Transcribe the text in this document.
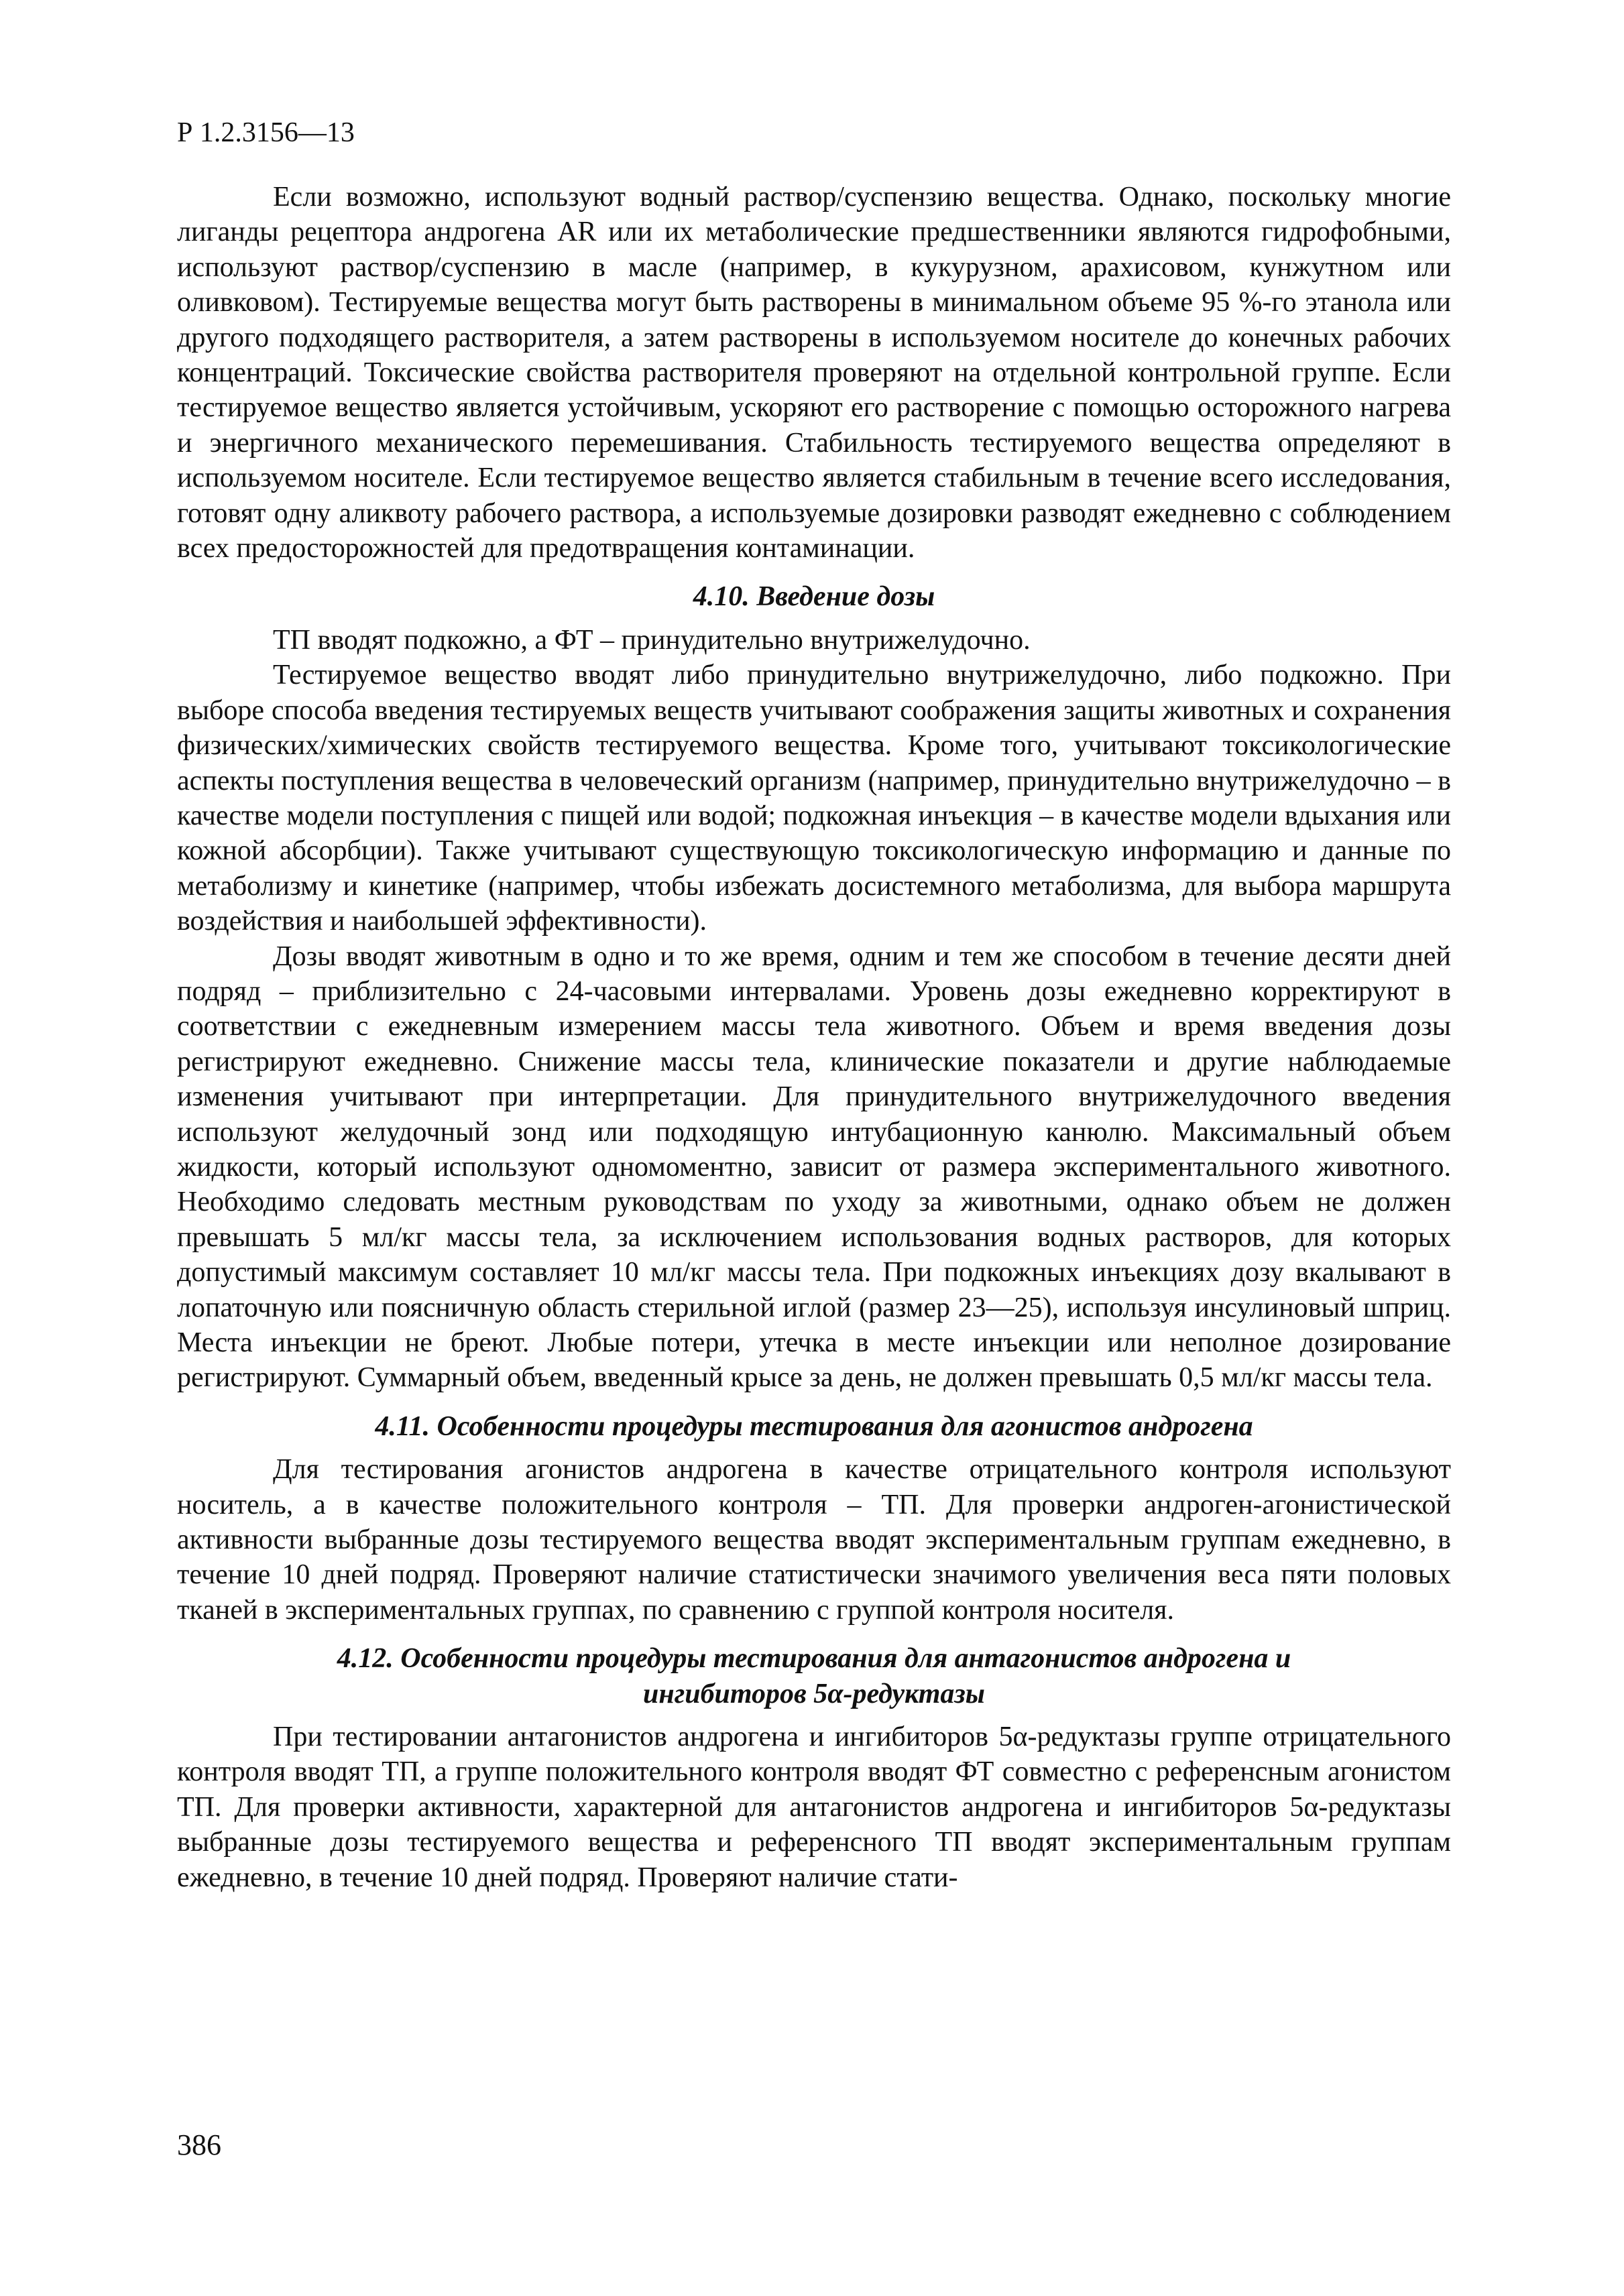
Р 1.2.3156—13

Если возможно, используют водный раствор/суспензию вещества. Однако, поскольку многие лиганды рецептора андрогена AR или их метаболические предшественники являются гидрофобными, используют раствор/суспензию в масле (например, в кукурузном, арахисовом, кунжутном или оливковом). Тестируемые вещества могут быть растворены в минимальном объеме 95 %-го этанола или другого подходящего растворителя, а затем растворены в используемом носителе до конечных рабочих концентраций. Токсические свойства растворителя проверяют на отдельной контрольной группе. Если тестируемое вещество является устойчивым, ускоряют его растворение с помощью осторожного нагрева и энергичного механического перемешивания. Стабильность тестируемого вещества определяют в используемом носителе. Если тестируемое вещество является стабильным в течение всего исследования, готовят одну аликвоту рабочего раствора, а используемые дозировки разводят ежедневно с соблюдением всех предосторожностей для предотвращения контаминации.

4.10. Введение дозы

ТП вводят подкожно, а ФТ – принудительно внутрижелудочно.

Тестируемое вещество вводят либо принудительно внутрижелудочно, либо подкожно. При выборе способа введения тестируемых веществ учитывают соображения защиты животных и сохранения физических/химических свойств тестируемого вещества. Кроме того, учитывают токсикологические аспекты поступления вещества в человеческий организм (например, принудительно внутрижелудочно – в качестве модели поступления с пищей или водой; подкожная инъекция – в качестве модели вдыхания или кожной абсорбции). Также учитывают существующую токсикологическую информацию и данные по метаболизму и кинетике (например, чтобы избежать досистемного метаболизма, для выбора маршрута воздействия и наибольшей эффективности).

Дозы вводят животным в одно и то же время, одним и тем же способом в течение десяти дней подряд – приблизительно с 24-часовыми интервалами. Уровень дозы ежедневно корректируют в соответствии с ежедневным измерением массы тела животного. Объем и время введения дозы регистрируют ежедневно. Снижение массы тела, клинические показатели и другие наблюдаемые изменения учитывают при интерпретации. Для принудительного внутрижелудочного введения используют желудочный зонд или подходящую интубационную канюлю. Максимальный объем жидкости, который используют одномоментно, зависит от размера экспериментального животного. Необходимо следовать местным руководствам по уходу за животными, однако объем не должен превышать 5 мл/кг массы тела, за исключением использования водных растворов, для которых допустимый максимум составляет 10 мл/кг массы тела. При подкожных инъекциях дозу вкалывают в лопаточную или поясничную область стерильной иглой (размер 23—25), используя инсулиновый шприц. Места инъекции не бреют. Любые потери, утечка в месте инъекции или неполное дозирование регистрируют. Суммарный объем, введенный крысе за день, не должен превышать 0,5 мл/кг массы тела.

4.11. Особенности процедуры тестирования для агонистов андрогена

Для тестирования агонистов андрогена в качестве отрицательного контроля используют носитель, а в качестве положительного контроля – ТП. Для проверки андроген-агонистической активности выбранные дозы тестируемого вещества вводят экспериментальным группам ежедневно, в течение 10 дней подряд. Проверяют наличие статистически значимого увеличения веса пяти половых тканей в экспериментальных группах, по сравнению с группой контроля носителя.

4.12. Особенности процедуры тестирования для антагонистов андрогена и
ингибиторов 5α-редуктазы

При тестировании антагонистов андрогена и ингибиторов 5α-редуктазы группе отрицательного контроля вводят ТП, а группе положительного контроля вводят ФТ совместно с референсным агонистом ТП. Для проверки активности, характерной для антагонистов андрогена и ингибиторов 5α-редуктазы выбранные дозы тестируемого вещества и референсного ТП вводят экспериментальным группам ежедневно, в течение 10 дней подряд. Проверяют наличие стати-

386
